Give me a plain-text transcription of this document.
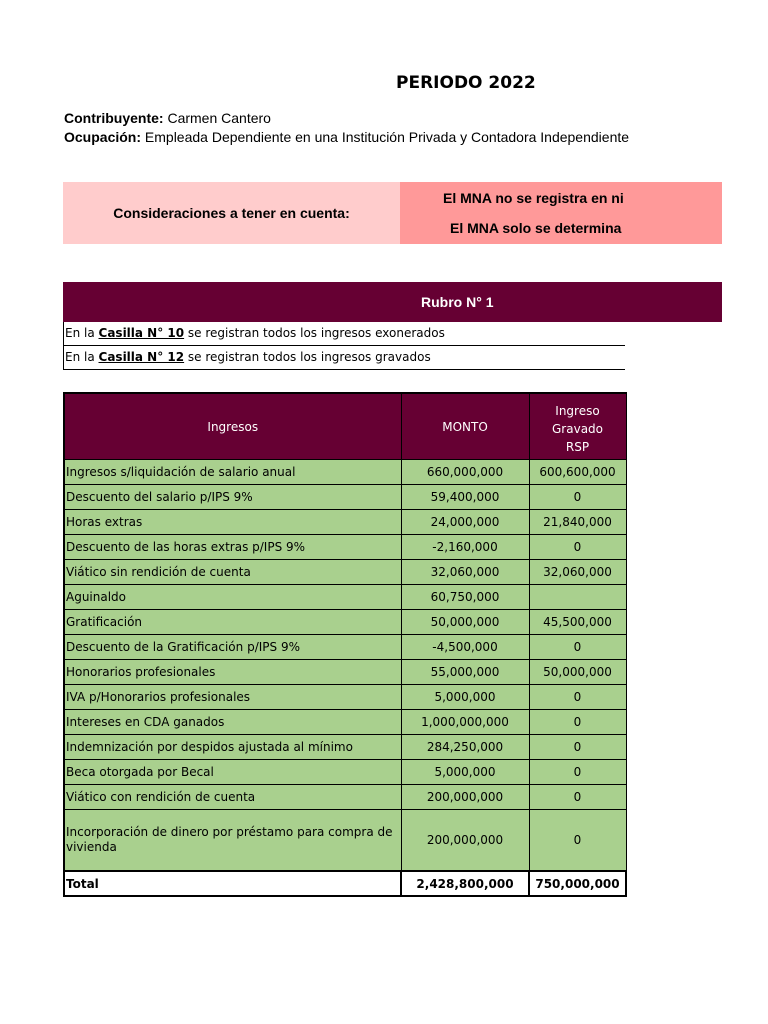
PERIODO 2022
Contribuyente: Carmen Cantero
Ocupación: Empleada Dependiente en una Institución Privada y Contadora Independiente
Consideraciones a tener en cuenta:
El MNA no se registra en ni
El MNA solo se determina
Rubro N° 1
En la Casilla N° 10 se registran todos los ingresos exonerados
En la Casilla N° 12 se registran todos los ingresos gravados
Ingresos	MONTO	Ingreso Gravado
RSP

Ingresos s/liquidación de salario anual	660,000,000	600,600,000
Descuento del salario p/IPS 9%	59,400,000	0
Horas extras	24,000,000	21,840,000
Descuento de las horas extras p/IPS 9%	-2,160,000	0
Viático sin rendición de cuenta	32,060,000	32,060,000
Aguinaldo	60,750,000	
Gratificación	50,000,000	45,500,000
Descuento de la Gratificación p/IPS 9%	-4,500,000	0
Honorarios profesionales	55,000,000	50,000,000
IVA p/Honorarios profesionales	5,000,000	0
Intereses en CDA ganados	1,000,000,000	0
Indemnización por despidos ajustada al mínimo	284,250,000	0
Beca otorgada por Becal	5,000,000	0
Viático con rendición de cuenta	200,000,000	0
Incorporación de dinero por préstamo para compra de vivienda	200,000,000	0
Total	2,428,800,000	750,000,000
